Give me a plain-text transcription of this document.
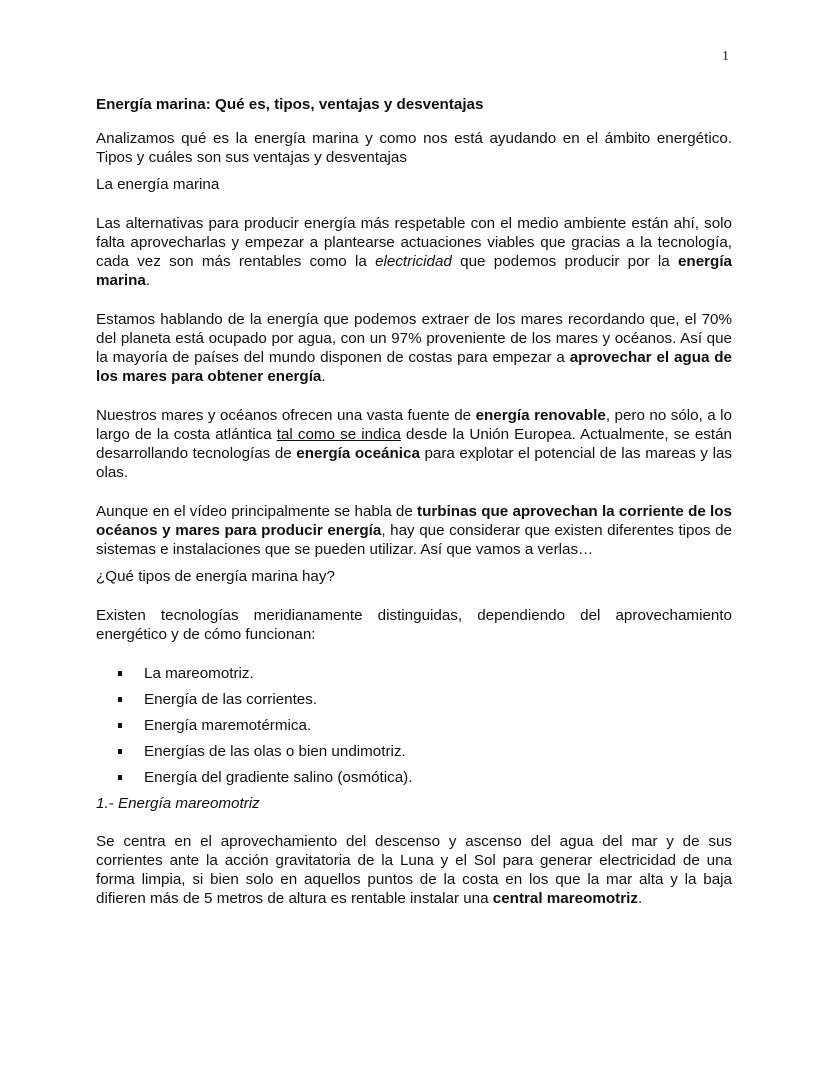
1

Energía marina: Qué es, tipos, ventajas y desventajas

Analizamos qué es la energía marina y como nos está ayudando en el ámbito energético. Tipos y cuáles son sus ventajas y desventajas

La energía marina

Las alternativas para producir energía más respetable con el medio ambiente están ahí, solo falta aprovecharlas y empezar a plantearse actuaciones viables que gracias a la tecnología, cada vez son más rentables como la electricidad que podemos producir por la energía marina.

Estamos hablando de la energía que podemos extraer de los mares recordando que, el 70% del planeta está ocupado por agua, con un 97% proveniente de los mares y océanos. Así que la mayoría de países del mundo disponen de costas para empezar a aprovechar el agua de los mares para obtener energía.

Nuestros mares y océanos ofrecen una vasta fuente de energía renovable, pero no sólo, a lo largo de la costa atlántica tal como se indica desde la Unión Europea. Actualmente, se están desarrollando tecnologías de energía oceánica para explotar el potencial de las mareas y las olas.

Aunque en el vídeo principalmente se habla de turbinas que aprovechan la corriente de los océanos y mares para producir energía, hay que considerar que existen diferentes tipos de sistemas e instalaciones que se pueden utilizar. Así que vamos a verlas…

¿Qué tipos de energía marina hay?

Existen tecnologías meridianamente distinguidas, dependiendo del aprovechamiento energético y de cómo funcionan:

La mareomotriz.
Energía de las corrientes.
Energía maremotérmica.
Energías de las olas o bien undimotriz.
Energía del gradiente salino (osmótica).

1.- Energía mareomotriz

Se centra en el aprovechamiento del descenso y ascenso del agua del mar y de sus corrientes ante la acción gravitatoria de la Luna y el Sol para generar electricidad de una forma limpia, si bien solo en aquellos puntos de la costa en los que la mar alta y la baja difieren más de 5 metros de altura es rentable instalar una central mareomotriz.
